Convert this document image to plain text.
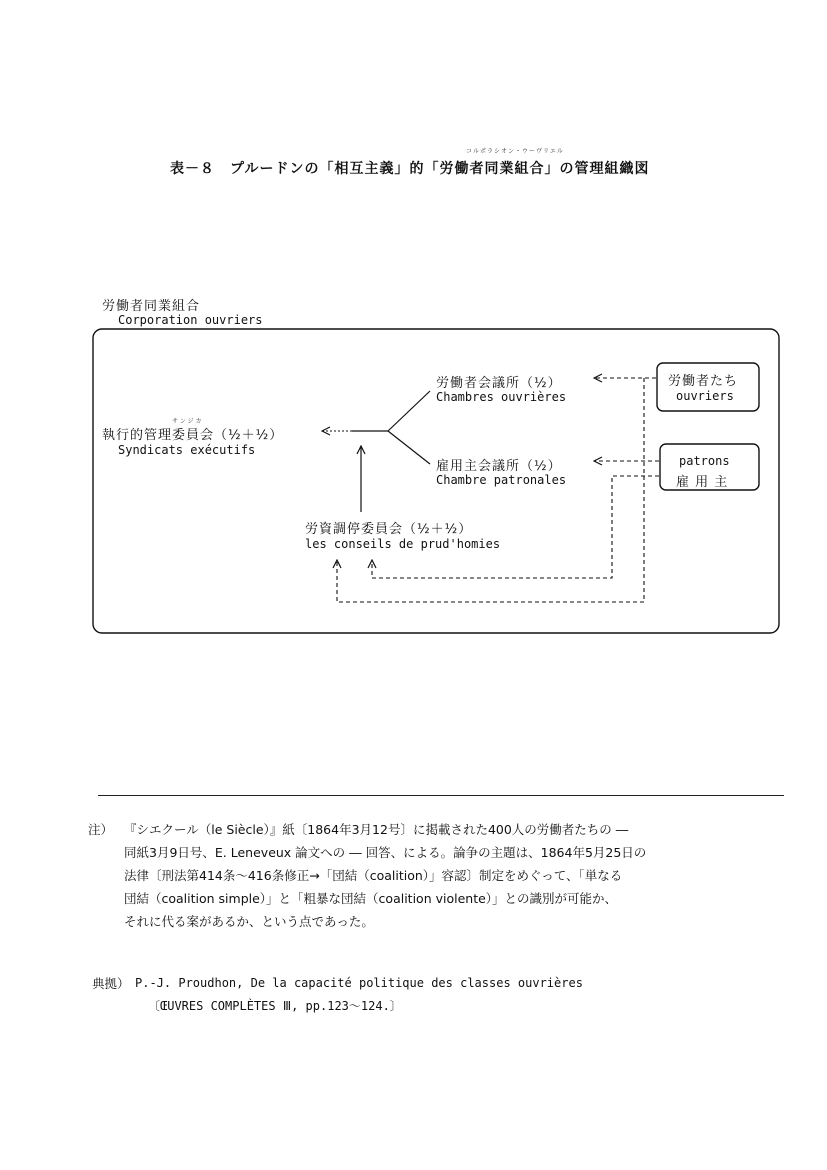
コルポラシオン・ウーヴリエル
表－８　プルードンの「相互主義」的「労働者同業組合」の管理組織図
労働者同業組合
Corporation ouvriers
サンジカ
執行的管理委員会（½＋½）
Syndicats exécutifs
労働者会議所（½）
Chambres ouvrières
雇用主会議所（½）
Chambre patronales
労資調停委員会（½＋½）
les conseils de prud'homies
労働者たち
ouvriers
patrons
雇 用 主
注） 『シエクール（le Siècle）』紙〔1864年3月12号〕に掲載された400人の労働者たちの ―
同紙3月9日号、E. Leneveux 論文への ― 回答、による。論争の主題は、1864年5月25日の
法律〔刑法第414条～416条修正→「団結（coalition）」容認〕制定をめぐって、「単なる
団結（coalition simple）」と「粗暴な団結（coalition violente）」との識別が可能か、
それに代る案があるか、という点であった。
典拠） P.-J. Proudhon, De la capacité politique des classes ouvrières
〔ŒUVRES COMPLÈTES Ⅲ, pp.123～124.〕
